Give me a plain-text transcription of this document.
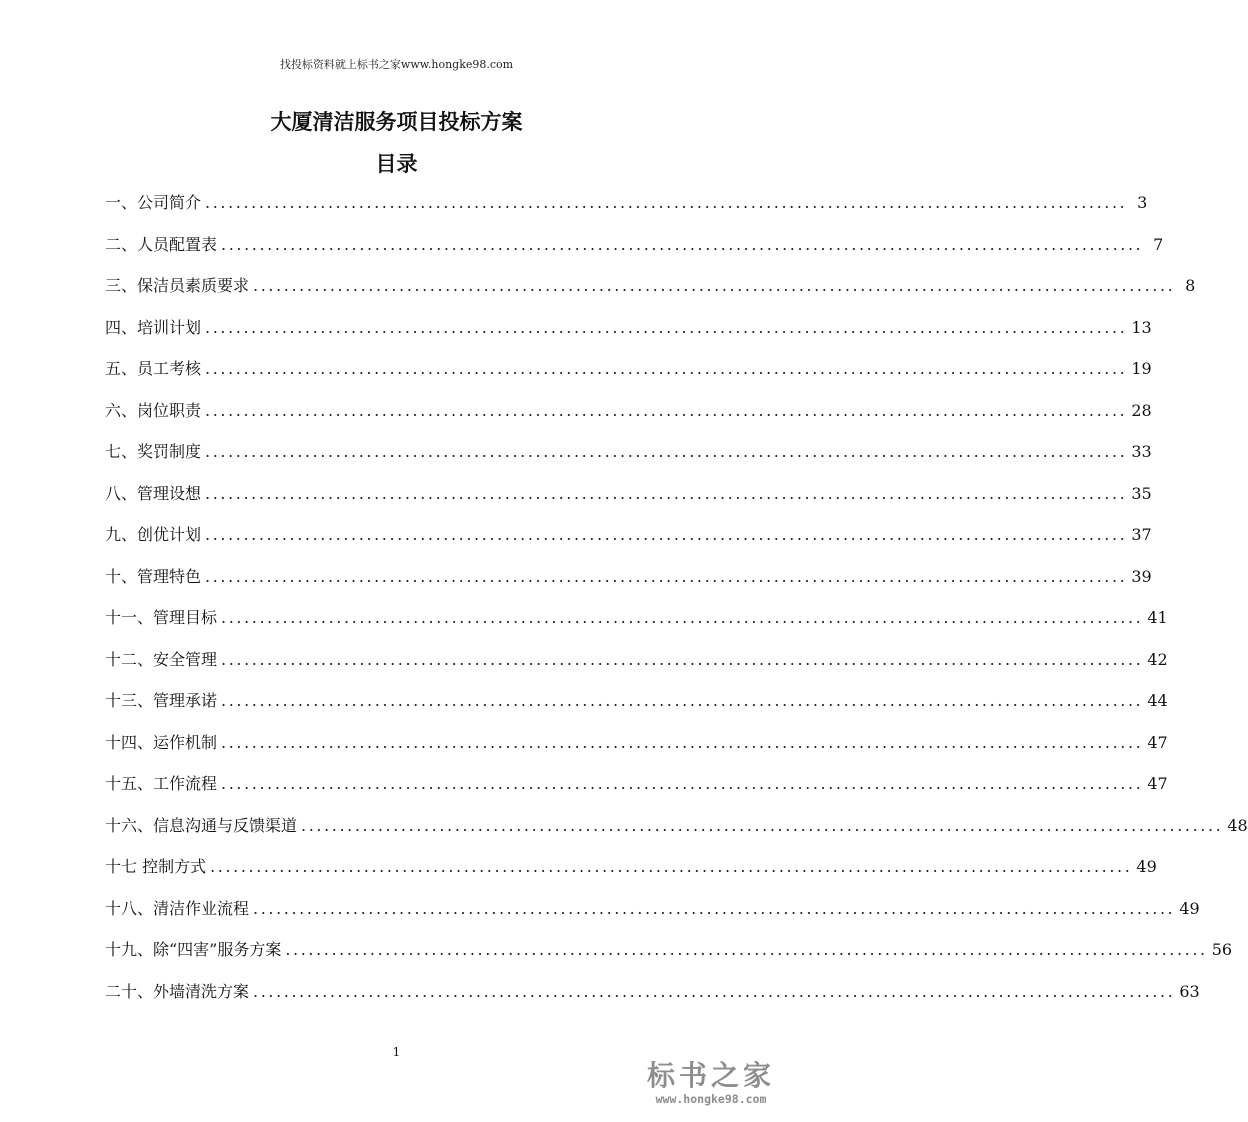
找投标资料就上标书之家www.hongke98.com
大厦清洁服务项目投标方案
目录
一、公司简介 ........................................................................................................................ 3
二、人员配置表 ........................................................................................................................ 7
三、保洁员素质要求 ........................................................................................................................ 8
四、培训计划 ........................................................................................................................ 13
五、员工考核 ........................................................................................................................ 19
六、岗位职责 ........................................................................................................................ 28
七、奖罚制度 ........................................................................................................................ 33
八、管理设想 ........................................................................................................................ 35
九、创优计划 ........................................................................................................................ 37
十、管理特色 ........................................................................................................................ 39
十一、管理目标 ........................................................................................................................ 41
十二、安全管理 ........................................................................................................................ 42
十三、管理承诺 ........................................................................................................................ 44
十四、运作机制 ........................................................................................................................ 47
十五、工作流程 ........................................................................................................................ 47
十六、信息沟通与反馈渠道 ........................................................................................................................ 48
十七 控制方式 ........................................................................................................................ 49
十八、清洁作业流程 ........................................................................................................................ 49
十九、除“四害”服务方案 ........................................................................................................................ 56
二十、外墙清洗方案 ........................................................................................................................ 63
1
标书之家
www.hongke98.com
